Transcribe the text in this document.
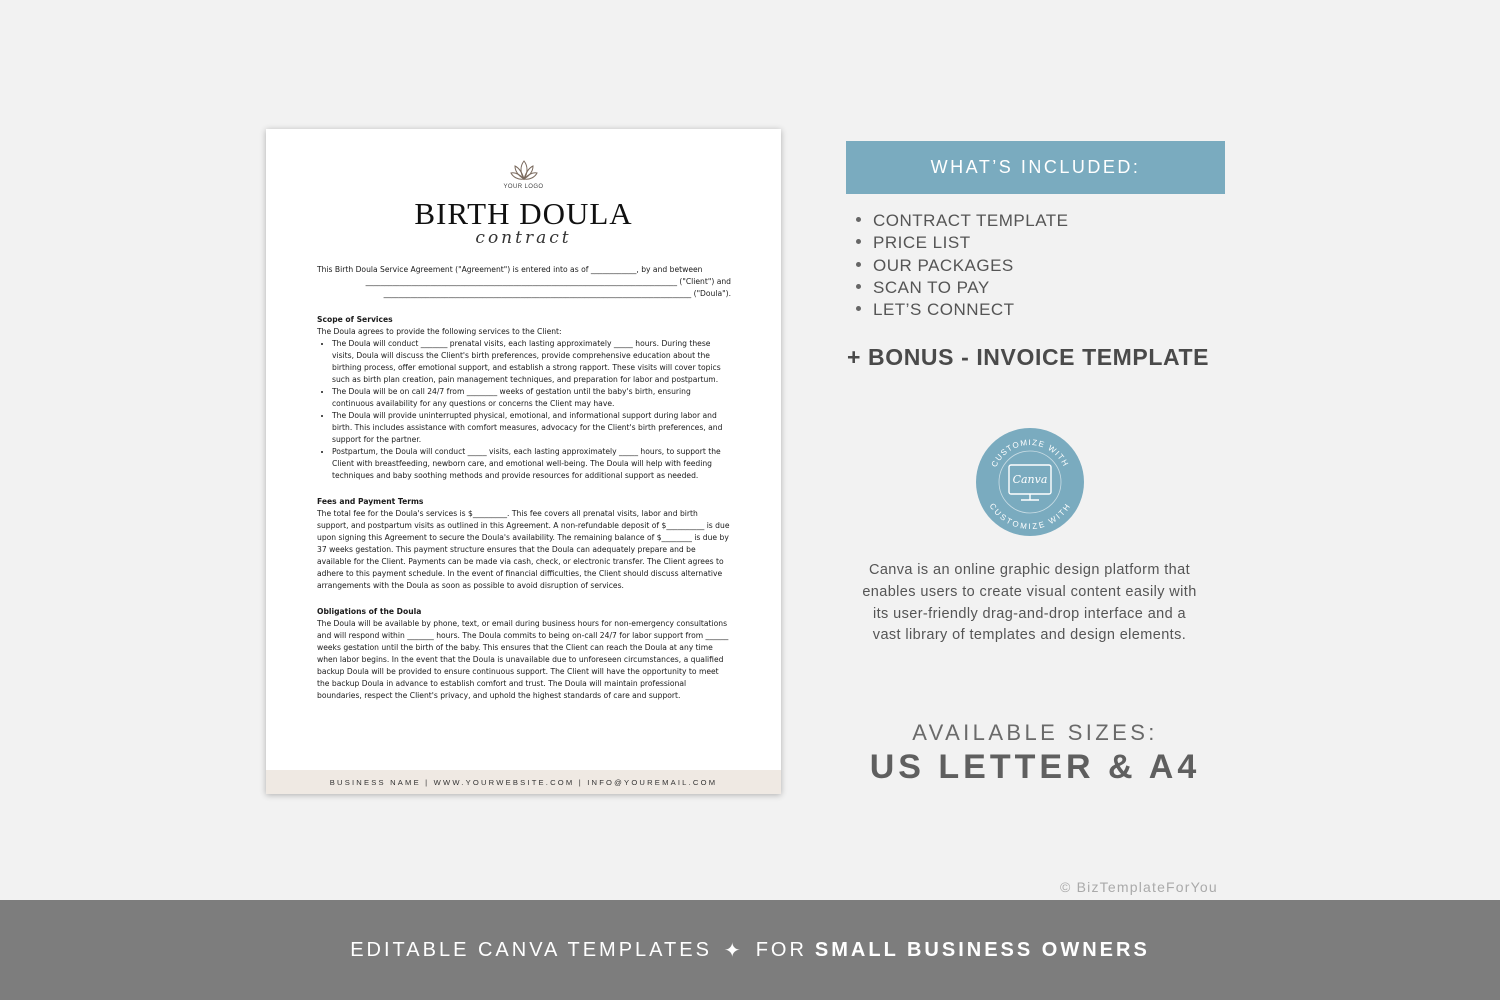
YOUR LOGO
BIRTH DOULA
contract

This Birth Doula Service Agreement ("Agreement") is entered into as of ____________, by and between

__________________________________________________________________________________ ("Client") and

_________________________________________________________________________________ ("Doula").

Scope of Services

The Doula agrees to provide the following services to the Client:

• The Doula will conduct _______ prenatal visits, each lasting approximately _____ hours. During these visits, Doula will discuss the Client's birth preferences, provide comprehensive education about the birthing process, offer emotional support, and establish a strong rapport. These visits will cover topics such as birth plan creation, pain management techniques, and preparation for labor and postpartum.
• The Doula will be on call 24/7 from ________ weeks of gestation until the baby's birth, ensuring continuous availability for any questions or concerns the Client may have.
• The Doula will provide uninterrupted physical, emotional, and informational support during labor and birth. This includes assistance with comfort measures, advocacy for the Client's birth preferences, and support for the partner.
• Postpartum, the Doula will conduct _____ visits, each lasting approximately _____ hours, to support the Client with breastfeeding, newborn care, and emotional well-being. The Doula will help with feeding techniques and baby soothing methods and provide resources for additional support as needed.

Fees and Payment Terms

The total fee for the Doula's services is $_________. This fee covers all prenatal visits, labor and birth support, and postpartum visits as outlined in this Agreement. A non-refundable deposit of $__________ is due upon signing this Agreement to secure the Doula's availability. The remaining balance of $________ is due by 37 weeks gestation. This payment structure ensures that the Doula can adequately prepare and be available for the Client. Payments can be made via cash, check, or electronic transfer. The Client agrees to adhere to this payment schedule. In the event of financial difficulties, the Client should discuss alternative arrangements with the Doula as soon as possible to avoid disruption of services.

Obligations of the Doula

The Doula will be available by phone, text, or email during business hours for non-emergency consultations and will respond within _______ hours. The Doula commits to being on-call 24/7 for labor support from ______ weeks gestation until the birth of the baby. This ensures that the Client can reach the Doula at any time when labor begins. In the event that the Doula is unavailable due to unforeseen circumstances, a qualified backup Doula will be provided to ensure continuous support. The Client will have the opportunity to meet the backup Doula in advance to establish comfort and trust. The Doula will maintain professional boundaries, respect the Client's privacy, and uphold the highest standards of care and support.

BUSINESS NAME | WWW.YOURWEBSITE.COM | INFO@YOUREMAIL.COM
WHAT’S INCLUDED:
CONTRACT TEMPLATE
PRICE LIST
OUR PACKAGES
SCAN TO PAY
LET’S CONNECT
+ BONUS - INVOICE TEMPLATE
CUSTOMIZE WITH
CUSTOMIZE WITH
Canva
Canva is an online graphic design platform that enables users to create visual content easily with its user-friendly drag-and-drop interface and a vast library of templates and design elements.
AVAILABLE SIZES:
US LETTER & A4
© BizTemplateForYou
EDITABLE CANVA TEMPLATES ✦ FOR SMALL BUSINESS OWNERS
